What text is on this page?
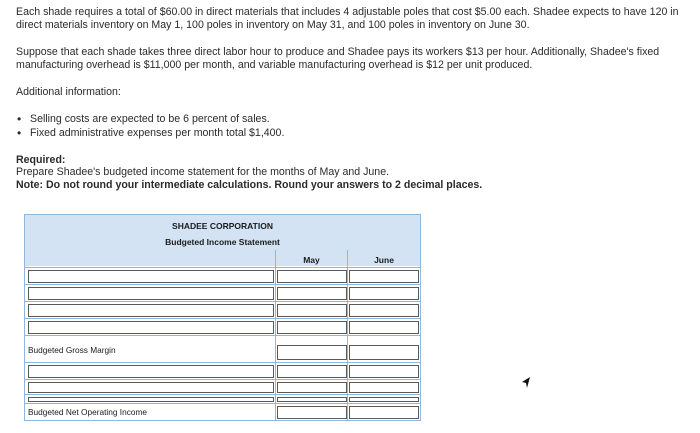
Each shade requires a total of $60.00 in direct materials that includes 4 adjustable poles that cost $5.00 each. Shadee expects to have 120 in direct materials inventory on May 1, 100 poles in inventory on May 31, and 100 poles in inventory on June 30.
Suppose that each shade takes three direct labor hour to produce and Shadee pays its workers $13 per hour. Additionally, Shadee's fixed manufacturing overhead is $11,000 per month, and variable manufacturing overhead is $12 per unit produced.
Additional information:
• Selling costs are expected to be 6 percent of sales.
• Fixed administrative expenses per month total $1,400.
Required:
Prepare Shadee's budgeted income statement for the months of May and June.
Note: Do not round your intermediate calculations. Round your answers to 2 decimal places.
SHADEE CORPORATION
Budgeted Income Statement
May	June
Budgeted Gross Margin
Budgeted Net Operating Income
